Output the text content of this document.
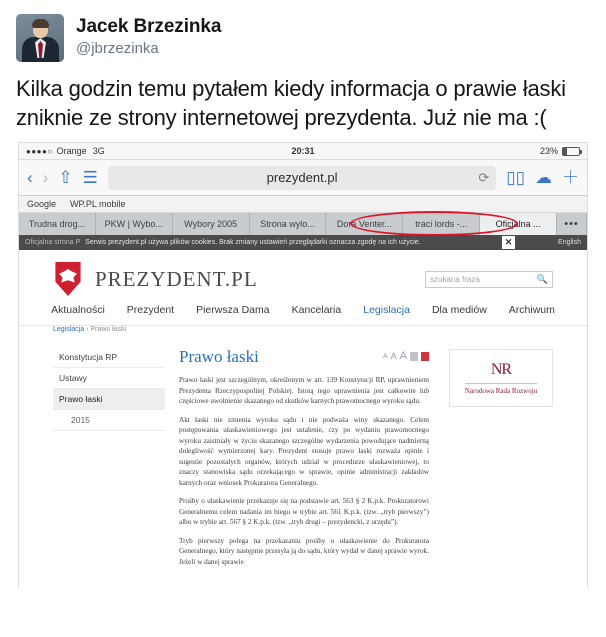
Jacek Brzezinka
@jbrzezinka
Kilka godzin temu pytałem kiedy informacja o prawie łaski zniknie ze strony internetowej prezydenta. Już nie ma :(
●●●●○ Orange 3G	20:31	23%
‹ › ⇧ ☰	prezydent.pl	⟳ ▯▯ ☁ ＋
Google WP.PL mobile
Trudna drog...	PKW | Wybo...	Wybory 2005	Strona wylo...	Dora Venter...	traci lords -...	Oficjalna ...	•••
Oficjalna strona P Serwis prezydent.pl używa plików cookies. Brak zmiany ustawień przeglądarki oznacza zgodę na ich użycie.	✕	English
PREZYDENT.PL	szukana fraza	🔍
Aktualności Prezydent Pierwsza Dama Kancelaria Legislacja Dla mediów Archiwum
Legislacja › Prawo łaski
Konstytucja RP
Ustawy
Prawo łaski
2015
Prawo łaski	A A A

Prawo łaski jest szczególnym, określonym w art. 139 Konstytucji RP, uprawnieniem Prezydenta Rzeczypospolitej Polskiej. Istotą tego uprawnienia jest całkowite lub częściowe uwolnienie skazanego od skutków karnych prawomocnego wyroku sądu.

Akt łaski nie zmienia wyroku sądu i nie podważa winy skazanego. Celem postępowania ułaskawieniowego jest ustalenie, czy po wydaniu prawomocnego wyroku zaistniały w życiu skazanego szczególne wydarzenia powodujące nadmierną dolegliwość wymierzonej kary. Prezydent stosuje prawo łaski rozważa opinie i sugestie pozostałych organów, których udział w procedurze ułaskawieniowej, to znaczy stanowiska sądu orzekającego w sprawie, opinie administracji zakładów karnych oraz wniosek Prokuratora Generalnego.

Prośby o ułaskawienie przekazuje się na podstawie art. 563 § 2 K.p.k. Prokuratorowi Generalnemu celem nadania im biegu w trybie art. 561 K.p.k. (tzw. „tryb pierwszy”) albo w trybie art. 567 § 2 K.p.k. (tzw. „tryb drugi – prezydencki, z urzędu”).

Tryb pierwszy polega na przekazaniu prośby o ułaskawienie do Prokuratora Generalnego, który następnie przesyła ją do sądu, który wydał w danej sprawie wyrok. Jeżeli w danej sprawie

NR
Narodowa Rada Rozwoju
